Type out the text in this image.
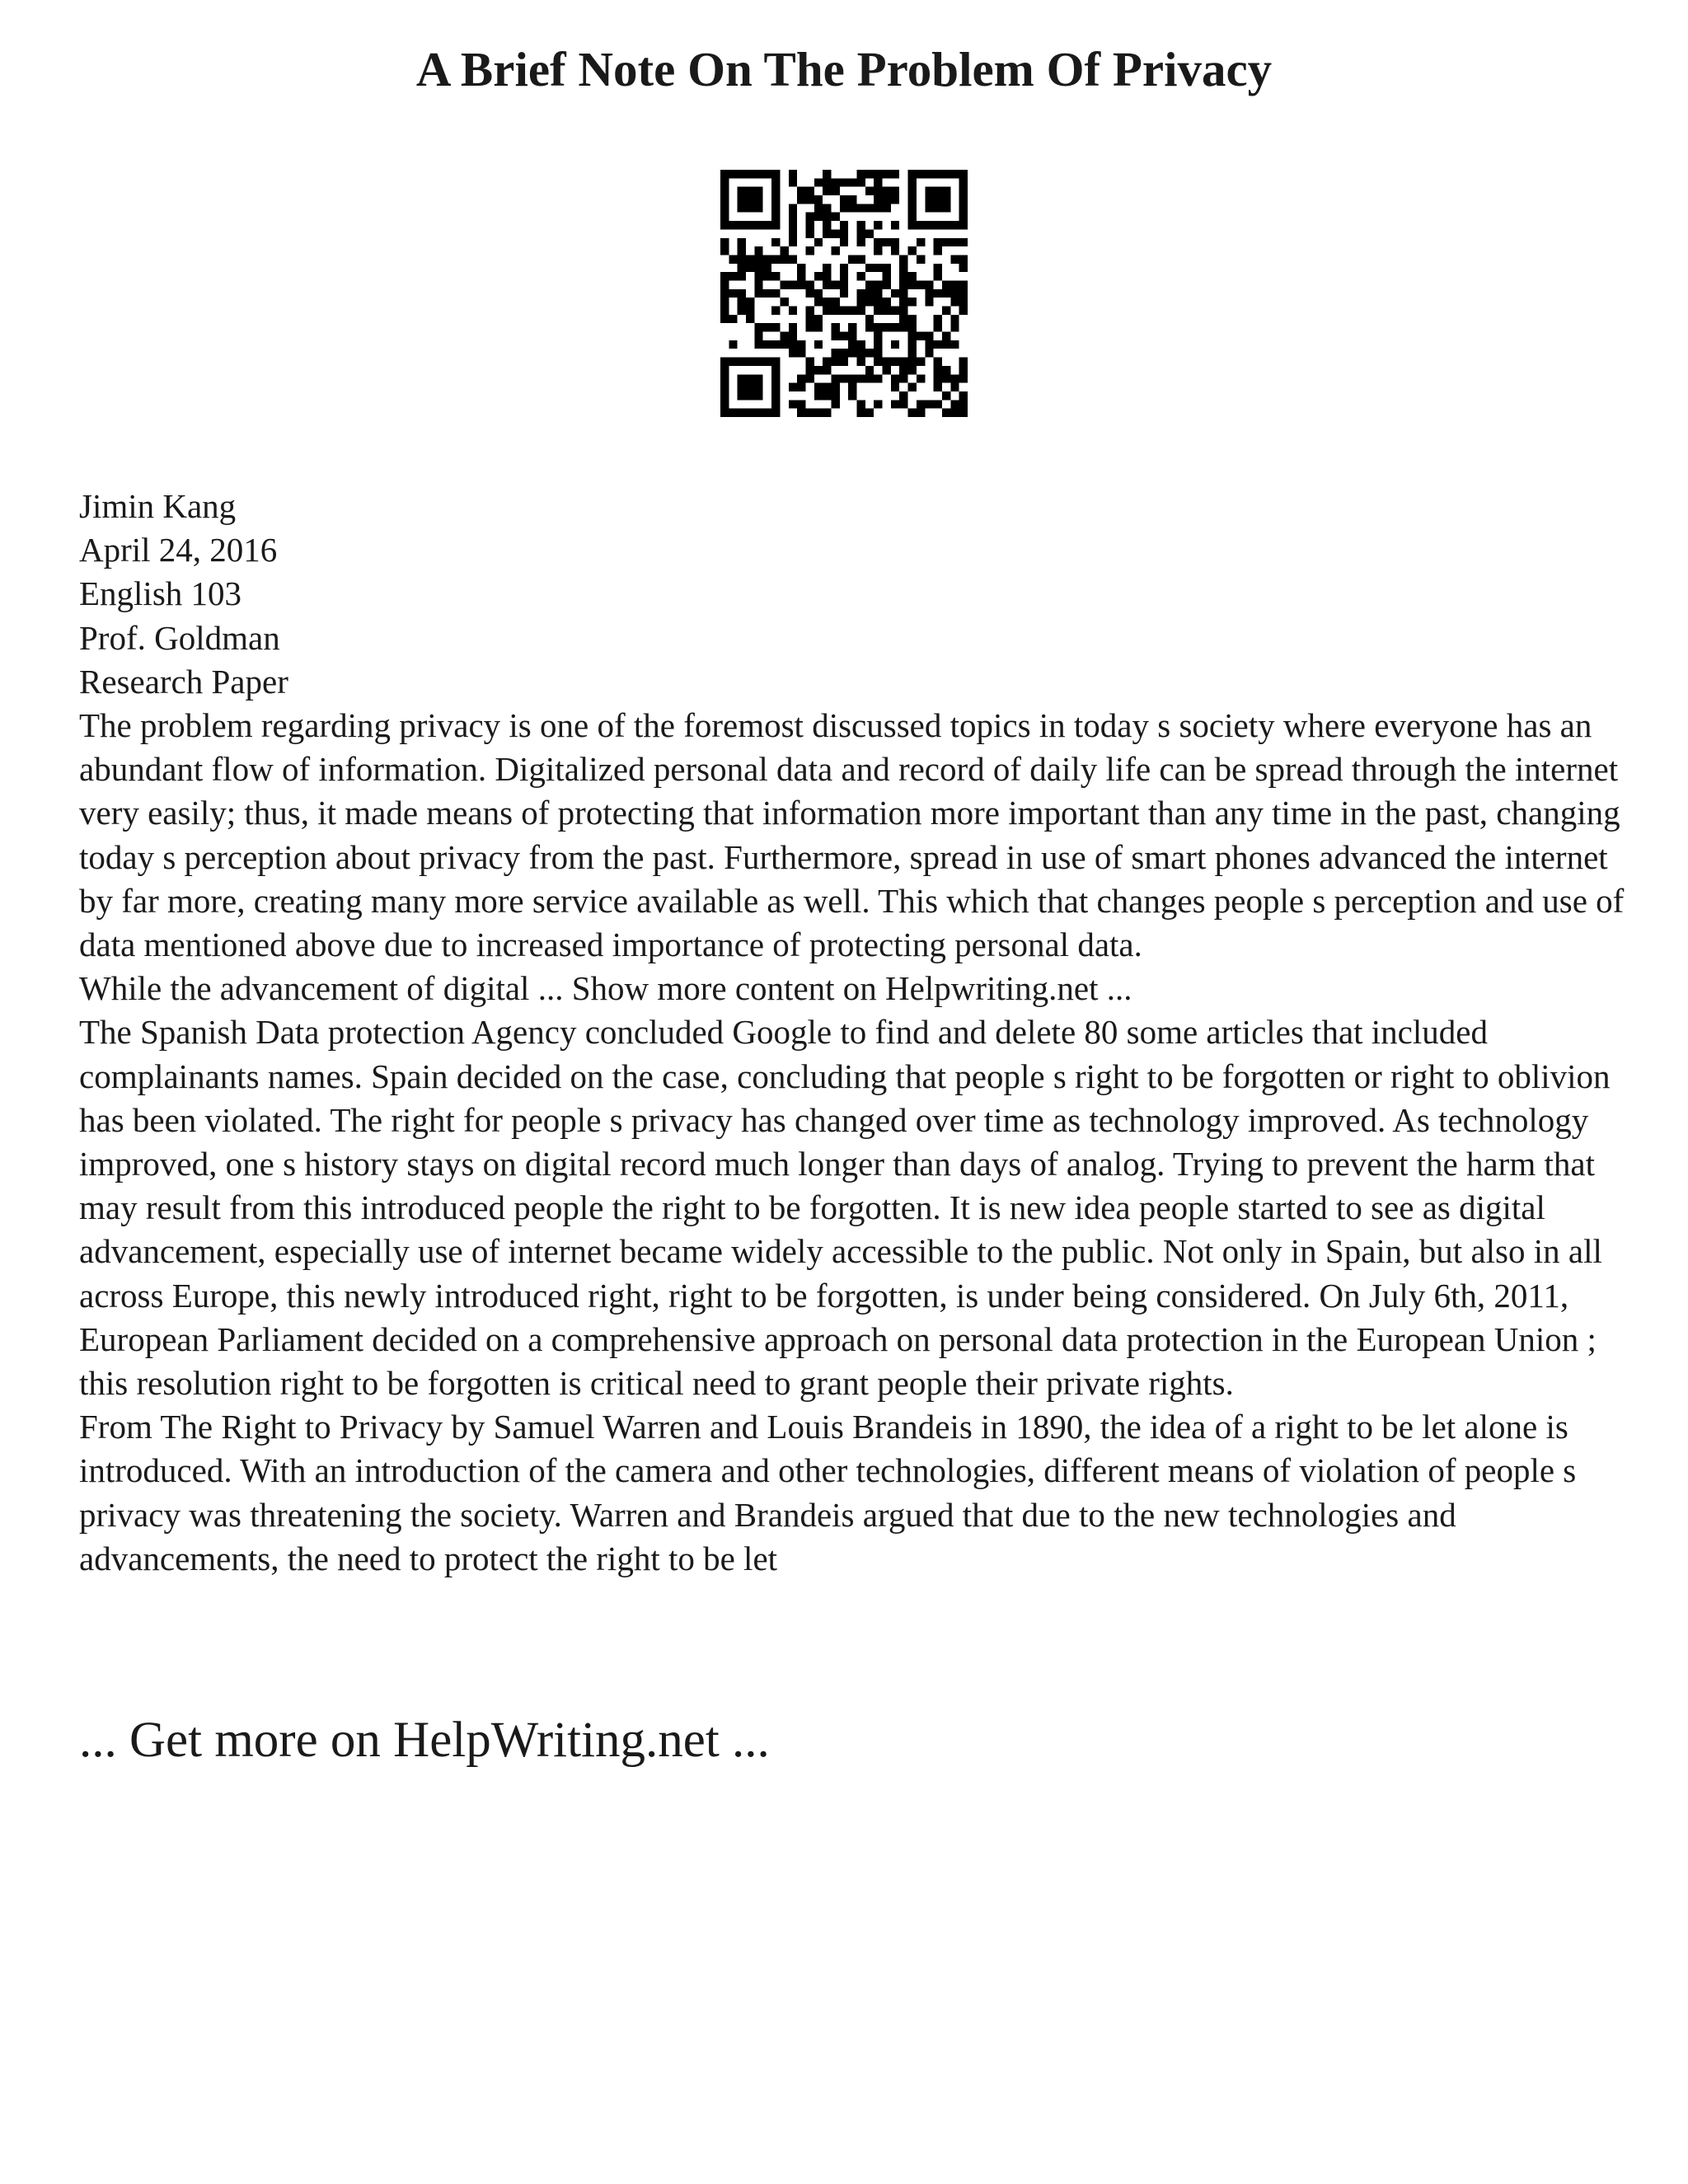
A Brief Note On The Problem Of Privacy

Jimin Kang

April 24, 2016

English 103

Prof. Goldman

Research Paper

The problem regarding privacy is one of the foremost discussed topics in today s society where everyone has an abundant flow of information. Digitalized personal data and record of daily life can be spread through the internet very easily; thus, it made means of protecting that information more important than any time in the past, changing today s perception about privacy from the past. Furthermore, spread in use of smart phones advanced the internet by far more, creating many more service available as well. This which that changes people s perception and use of data mentioned above due to increased importance of protecting personal data.

While the advancement of digital ... Show more content on Helpwriting.net ...

The Spanish Data protection Agency concluded Google to find and delete 80 some articles that included complainants names. Spain decided on the case, concluding that people s right to be forgotten or right to oblivion has been violated. The right for people s privacy has changed over time as technology improved. As technology improved, one s history stays on digital record much longer than days of analog. Trying to prevent the harm that may result from this introduced people the right to be forgotten. It is new idea people started to see as digital advancement, especially use of internet became widely accessible to the public. Not only in Spain, but also in all across Europe, this newly introduced right, right to be forgotten, is under being considered. On July 6th, 2011, European Parliament decided on a comprehensive approach on personal data protection in the European Union ; this resolution right to be forgotten is critical need to grant people their private rights.

From The Right to Privacy by Samuel Warren and Louis Brandeis in 1890, the idea of a right to be let alone is introduced. With an introduction of the camera and other technologies, different means of violation of people s privacy was threatening the society. Warren and Brandeis argued that due to the new technologies and advancements, the need to protect the right to be let

... Get more on HelpWriting.net ...
